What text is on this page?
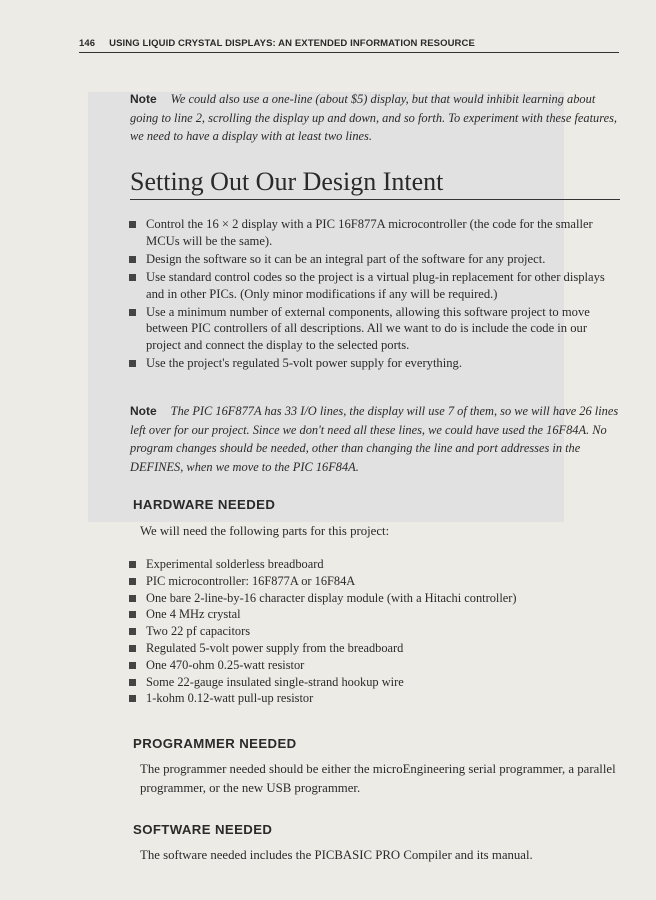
146 USING LIQUID CRYSTAL DISPLAYS: AN EXTENDED INFORMATION RESOURCE
Note We could also use a one-line (about $5) display, but that would inhibit learning about going to line 2, scrolling the display up and down, and so forth. To experiment with these features, we need to have a display with at least two lines.
Setting Out Our Design Intent
Control the 16 × 2 display with a PIC 16F877A microcontroller (the code for the smaller MCUs will be the same).
Design the software so it can be an integral part of the software for any project.
Use standard control codes so the project is a virtual plug-in replacement for other displays and in other PICs. (Only minor modifications if any will be required.)
Use a minimum number of external components, allowing this software project to move between PIC controllers of all descriptions. All we want to do is include the code in our project and connect the display to the selected ports.
Use the project's regulated 5-volt power supply for everything.
Note The PIC 16F877A has 33 I/O lines, the display will use 7 of them, so we will have 26 lines left over for our project. Since we don't need all these lines, we could have used the 16F84A. No program changes should be needed, other than changing the line and port addresses in the DEFINES, when we move to the PIC 16F84A.
HARDWARE NEEDED
We will need the following parts for this project:
Experimental solderless breadboard
PIC microcontroller: 16F877A or 16F84A
One bare 2-line-by-16 character display module (with a Hitachi controller)
One 4 MHz crystal
Two 22 pf capacitors
Regulated 5-volt power supply from the breadboard
One 470-ohm 0.25-watt resistor
Some 22-gauge insulated single-strand hookup wire
1-kohm 0.12-watt pull-up resistor
PROGRAMMER NEEDED
The programmer needed should be either the microEngineering serial programmer, a parallel programmer, or the new USB programmer.
SOFTWARE NEEDED
The software needed includes the PICBASIC PRO Compiler and its manual.
